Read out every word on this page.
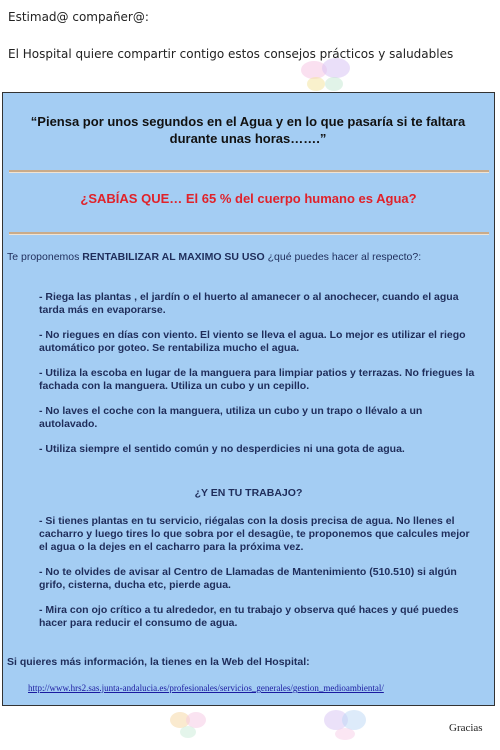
Estimad@ compañer@:
El Hospital quiere compartir contigo estos consejos prácticos y saludables
“Piensa por unos segundos en el Agua y en lo que pasaría si te faltara durante unas horas…….”
¿SABÍAS QUE… El 65 % del cuerpo humano es Agua?
Te proponemos RENTABILIZAR AL MAXIMO SU USO ¿qué puedes hacer al respecto?:

- Riega las plantas , el jardín o el huerto al amanecer o al anochecer, cuando el agua tarda más en evaporarse.

- No riegues en días con viento. El viento se lleva el agua. Lo mejor es utilizar el riego automático por goteo. Se rentabiliza mucho el agua.

- Utiliza la escoba en lugar de la manguera para limpiar patios y terrazas. No friegues la fachada con la manguera. Utiliza un cubo y un cepillo.

- No laves el coche con la manguera, utiliza un cubo y un trapo o llévalo a un autolavado.

- Utiliza siempre el sentido común y no desperdicies ni una gota de agua.

¿Y EN TU TRABAJO?

- Si tienes plantas en tu servicio, riégalas con la dosis precisa de agua. No llenes el cacharro y luego tires lo que sobra por el desagüe, te proponemos que calcules mejor el agua o la dejes en el cacharro para la próxima vez.

- No te olvides de avisar al Centro de Llamadas de Mantenimiento (510.510) si algún grifo, cisterna, ducha etc, pierde agua.

- Mira con ojo crítico a tu alrededor, en tu trabajo y observa qué haces y qué puedes hacer para reducir el consumo de agua.

Si quieres más información, la tienes en la Web del Hospital:
http://www.hrs2.sas.junta-andalucia.es/profesionales/servicios_generales/gestion_medioambiental/
Gracias
